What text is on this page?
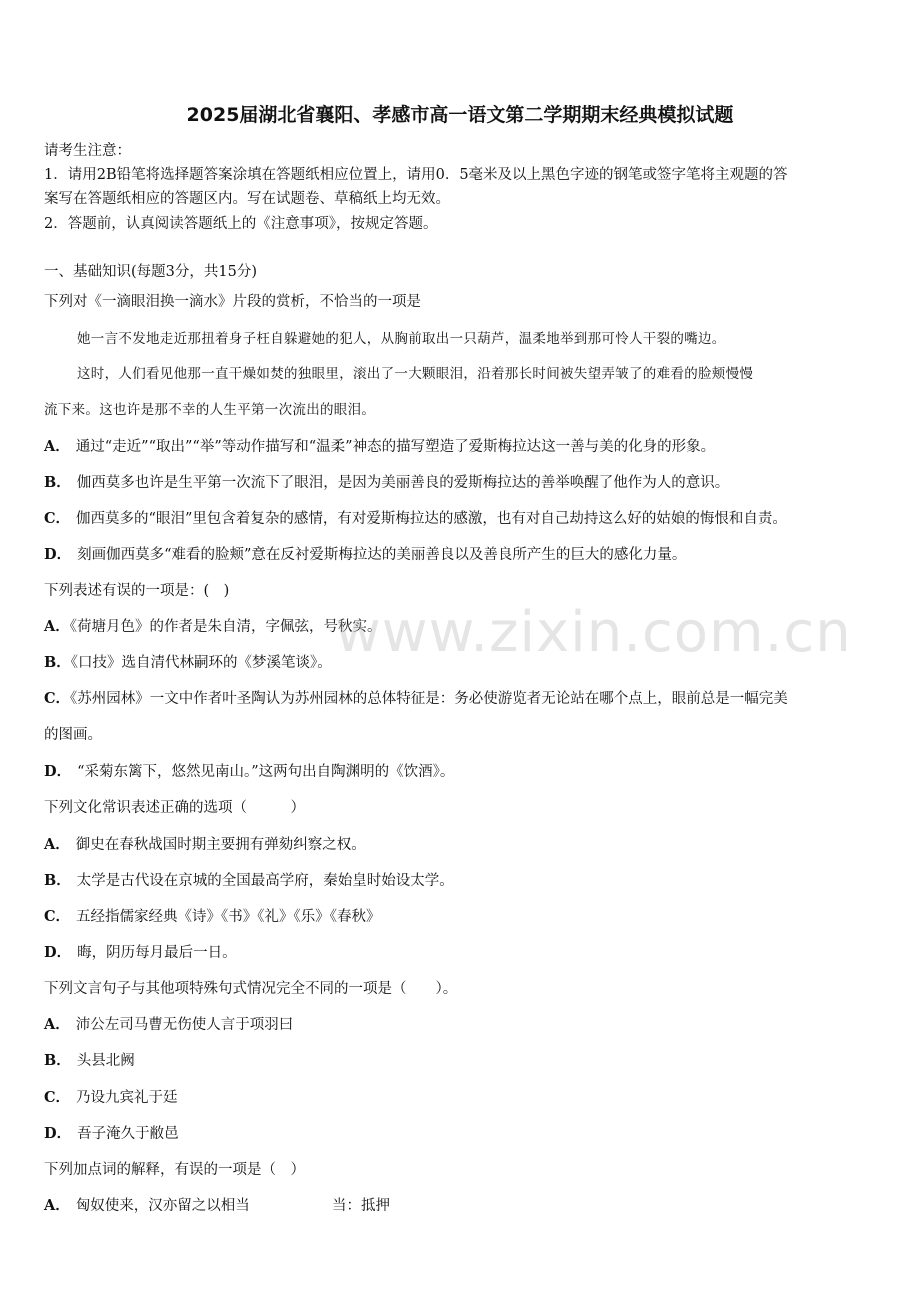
2025届湖北省襄阳、孝感市高一语文第二学期期末经典模拟试题
请考生注意：
1．请用2B铅笔将选择题答案涂填在答题纸相应位置上，请用0．5毫米及以上黑色字迹的钢笔或签字笔将主观题的答
案写在答题纸相应的答题区内。写在试题卷、草稿纸上均无效。
2．答题前，认真阅读答题纸上的《注意事项》，按规定答题。
一、基础知识(每题3分，共15分)
下列对《一滴眼泪换一滴水》片段的赏析，不恰当的一项是
她一言不发地走近那扭着身子枉自躲避她的犯人，从胸前取出一只葫芦，温柔地举到那可怜人干裂的嘴边。
这时，人们看见他那一直干燥如焚的独眼里，滚出了一大颗眼泪，沿着那长时间被失望弄皱了的难看的脸颊慢慢
流下来。这也许是那不幸的人生平第一次流出的眼泪。
A． 通过“走近”“取出”“举”等动作描写和“温柔”神态的描写塑造了爱斯梅拉达这一善与美的化身的形象。
B． 伽西莫多也许是生平第一次流下了眼泪，是因为美丽善良的爱斯梅拉达的善举唤醒了他作为人的意识。
C． 伽西莫多的“眼泪”里包含着复杂的感情，有对爱斯梅拉达的感激，也有对自己劫持这么好的姑娘的悔恨和自责。
D． 刻画伽西莫多“难看的脸颊”意在反衬爱斯梅拉达的美丽善良以及善良所产生的巨大的感化力量。
下列表述有误的一项是：(　)
A．《荷塘月色》的作者是朱自清，字佩弦，号秋实。
B．《口技》选自清代林嗣环的《梦溪笔谈》。
C．《苏州园林》一文中作者叶圣陶认为苏州园林的总体特征是：务必使游览者无论站在哪个点上，眼前总是一幅完美
的图画。
D． “采菊东篱下，悠然见南山。”这两句出自陶渊明的《饮酒》。
下列文化常识表述正确的选项（　　　）
A． 御史在春秋战国时期主要拥有弹劾纠察之权。
B． 太学是古代设在京城的全国最高学府，秦始皇时始设太学。
C． 五经指儒家经典《诗》《书》《礼》《乐》《春秋》
D． 晦，阴历每月最后一日。
下列文言句子与其他项特殊句式情况完全不同的一项是（　　）。
A． 沛公左司马曹无伤使人言于项羽曰
B． 头县北阙
C． 乃设九宾礼于廷
D． 吾子淹久于敝邑
下列加点词的解释，有误的一项是（　）
A． 匈奴使来，汉亦留之以相当	当：抵押
www.zixin.com.cn
